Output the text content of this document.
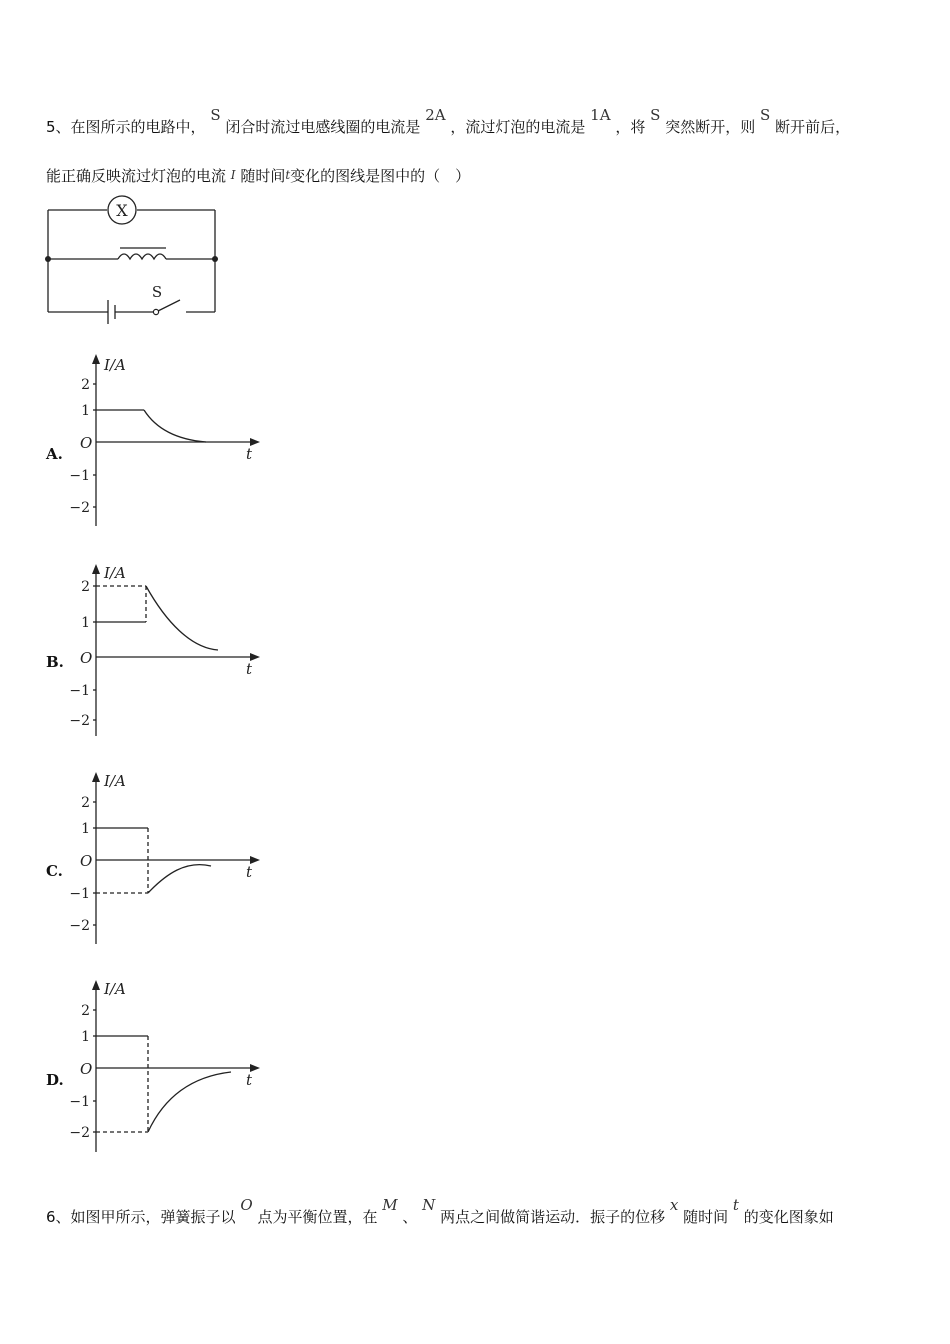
5、在图所示的电路中， S 闭合时流过电感线圈的电流是 2A ，流过灯泡的电流是 1A ，将 S 突然断开，则 S 断开前后，
能正确反映流过灯泡的电流 I 随时间t变化的图线是图中的（　）
X
S
A.
I/A
t
O
2
1
−1
−2
B.
I/A
t
O
2
1
−1
−2
C.
I/A
t
O
2
1
−1
−2
D.
I/A
t
O
2
1
−1
−2
6、如图甲所示，弹簧振子以 O 点为平衡位置，在 M 、 N 两点之间做简谐运动．振子的位移 x 随时间 t 的变化图象如
